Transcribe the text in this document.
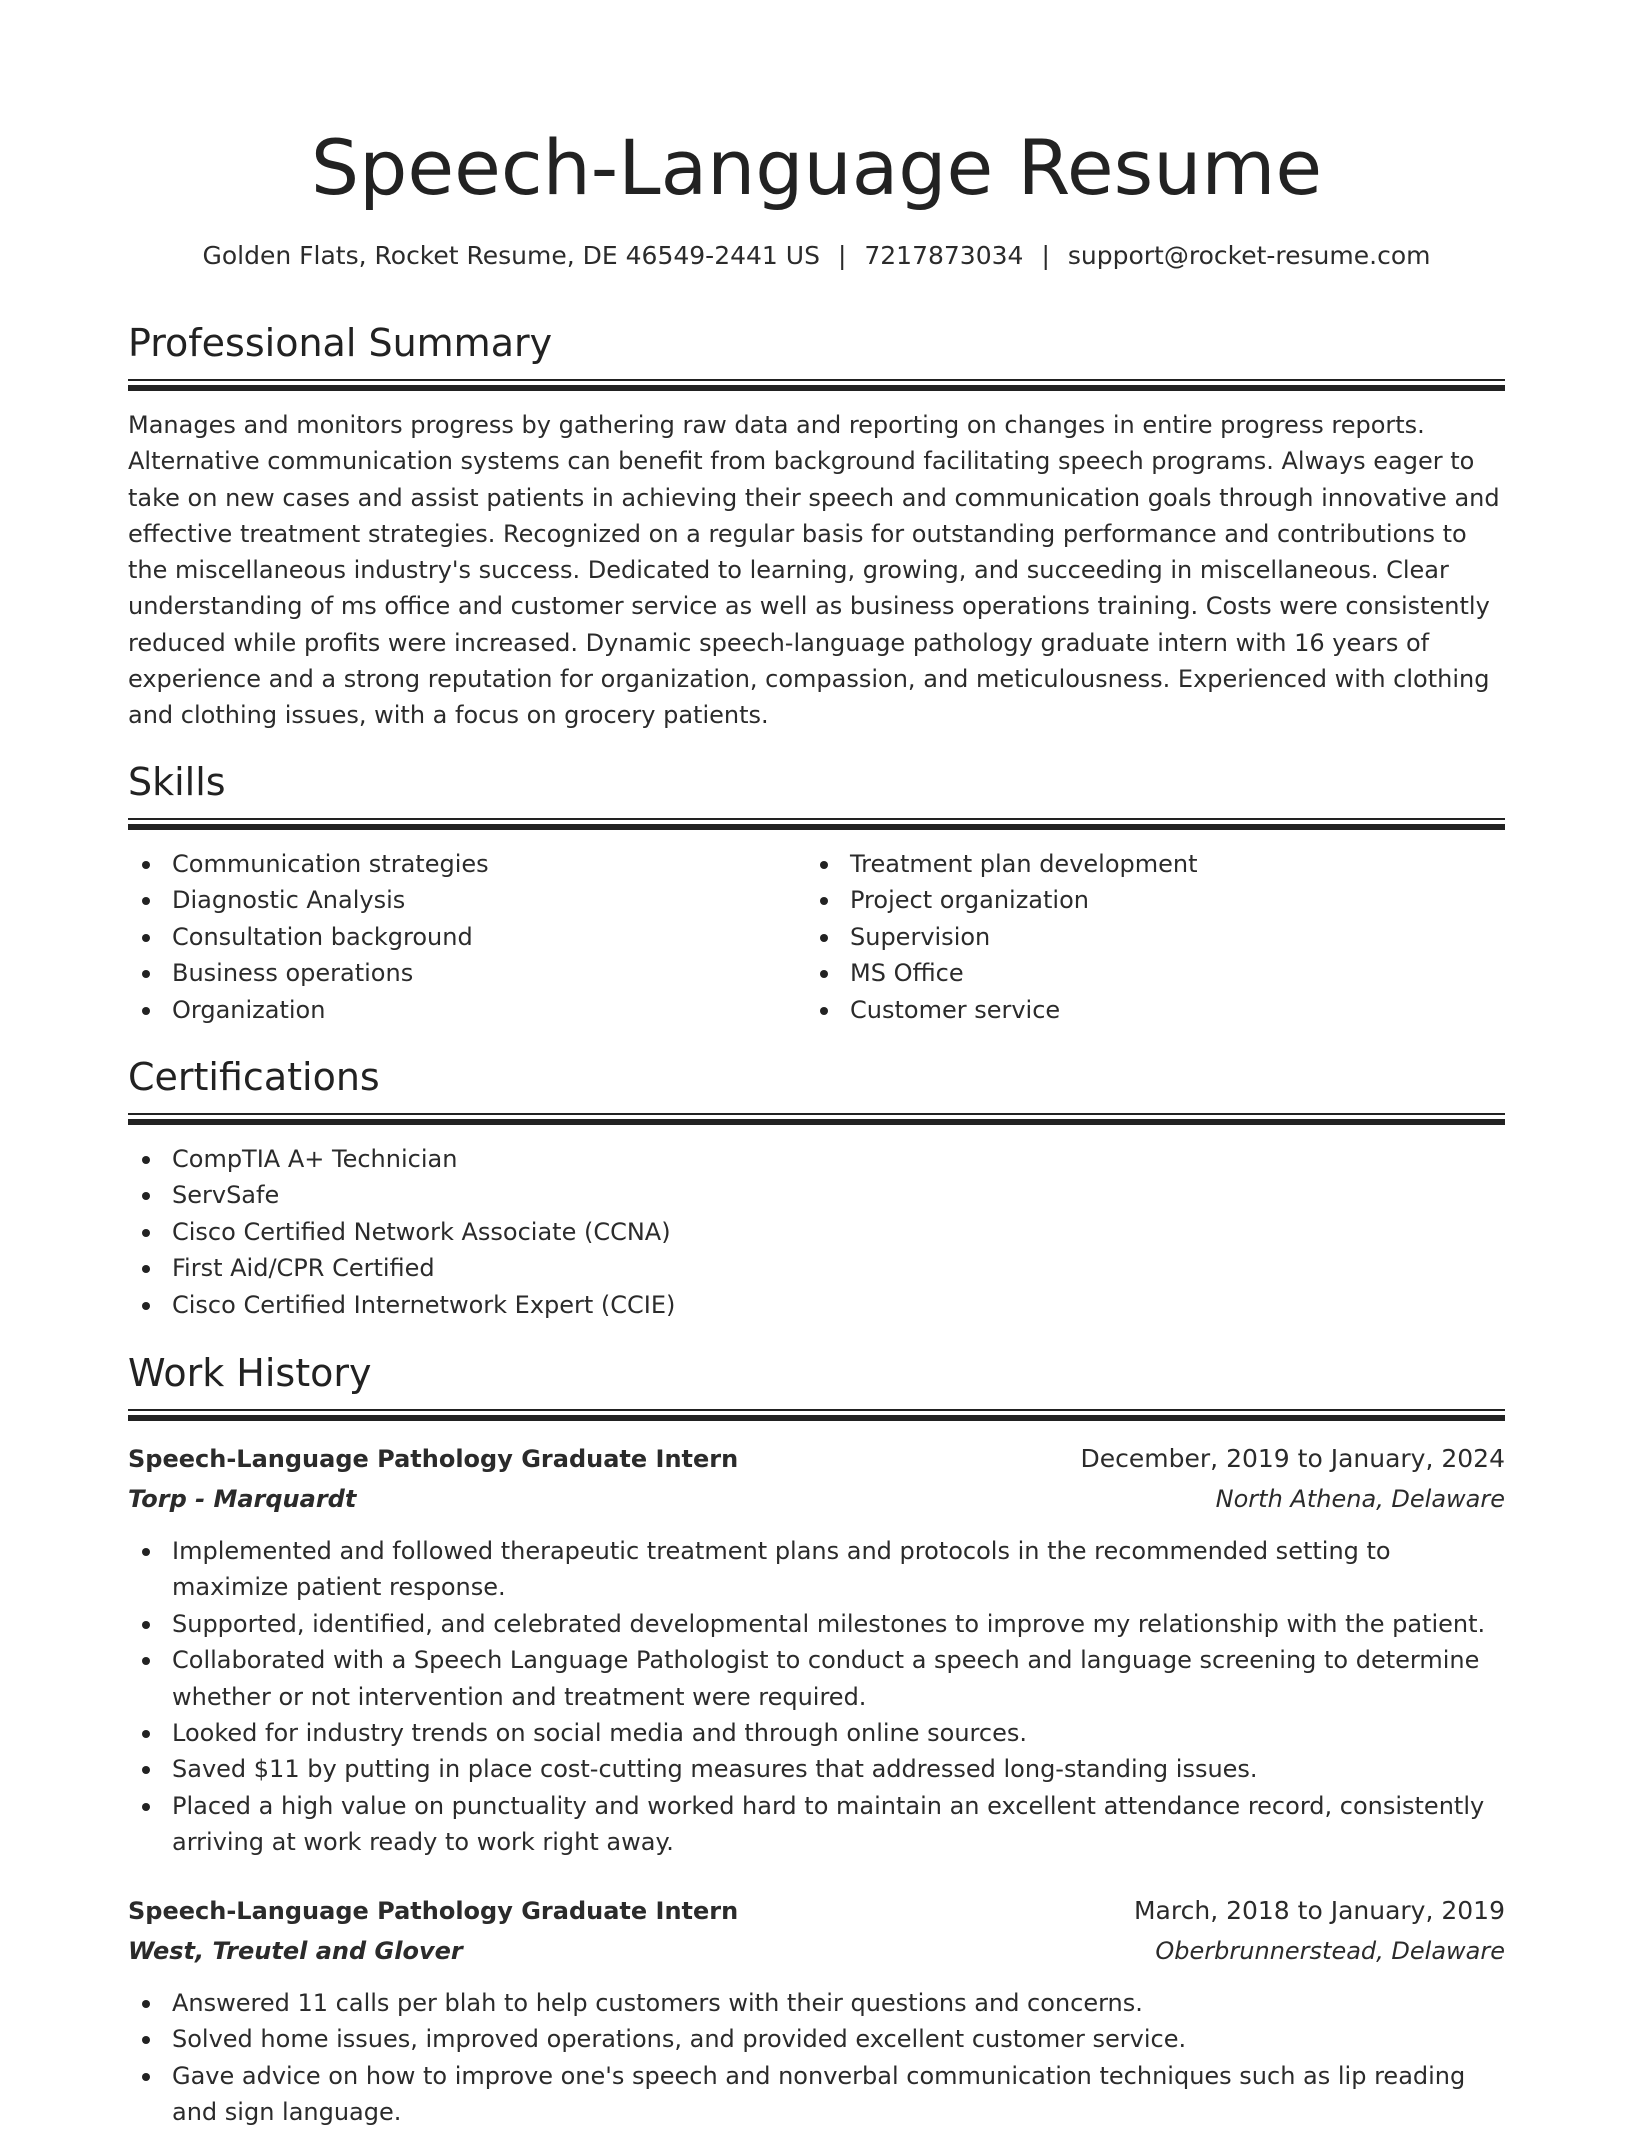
Speech-Language Resume
Golden Flats, Rocket Resume, DE 46549-2441 US | 7217873034 | support@rocket-resume.com
Professional Summary

Manages and monitors progress by gathering raw data and reporting on changes in entire progress reports. Alternative communication systems can benefit from background facilitating speech programs. Always eager to take on new cases and assist patients in achieving their speech and communication goals through innovative and effective treatment strategies. Recognized on a regular basis for outstanding performance and contributions to the miscellaneous industry's success. Dedicated to learning, growing, and succeeding in miscellaneous. Clear understanding of ms office and customer service as well as business operations training. Costs were consistently reduced while profits were increased. Dynamic speech-language pathology graduate intern with 16 years of experience and a strong reputation for organization, compassion, and meticulousness. Experienced with clothing and clothing issues, with a focus on grocery patients.

Skills
Communication strategies
Diagnostic Analysis
Consultation background
Business operations
Organization
Treatment plan development
Project organization
Supervision
MS Office
Customer service
Certifications
CompTIA A+ Technician
ServSafe
Cisco Certified Network Associate (CCNA)
First Aid/CPR Certified
Cisco Certified Internetwork Expert (CCIE)
Work History
Speech-Language Pathology Graduate Intern	December, 2019 to January, 2024
Torp - Marquardt	North Athena, Delaware
Implemented and followed therapeutic treatment plans and protocols in the recommended setting to maximize patient response.
Supported, identified, and celebrated developmental milestones to improve my relationship with the patient.
Collaborated with a Speech Language Pathologist to conduct a speech and language screening to determine whether or not intervention and treatment were required.
Looked for industry trends on social media and through online sources.
Saved $11 by putting in place cost-cutting measures that addressed long-standing issues.
Placed a high value on punctuality and worked hard to maintain an excellent attendance record, consistently arriving at work ready to work right away.
Speech-Language Pathology Graduate Intern	March, 2018 to January, 2019
West, Treutel and Glover	Oberbrunnerstead, Delaware
Answered 11 calls per blah to help customers with their questions and concerns.
Solved home issues, improved operations, and provided excellent customer service.
Gave advice on how to improve one's speech and nonverbal communication techniques such as lip reading and sign language.
